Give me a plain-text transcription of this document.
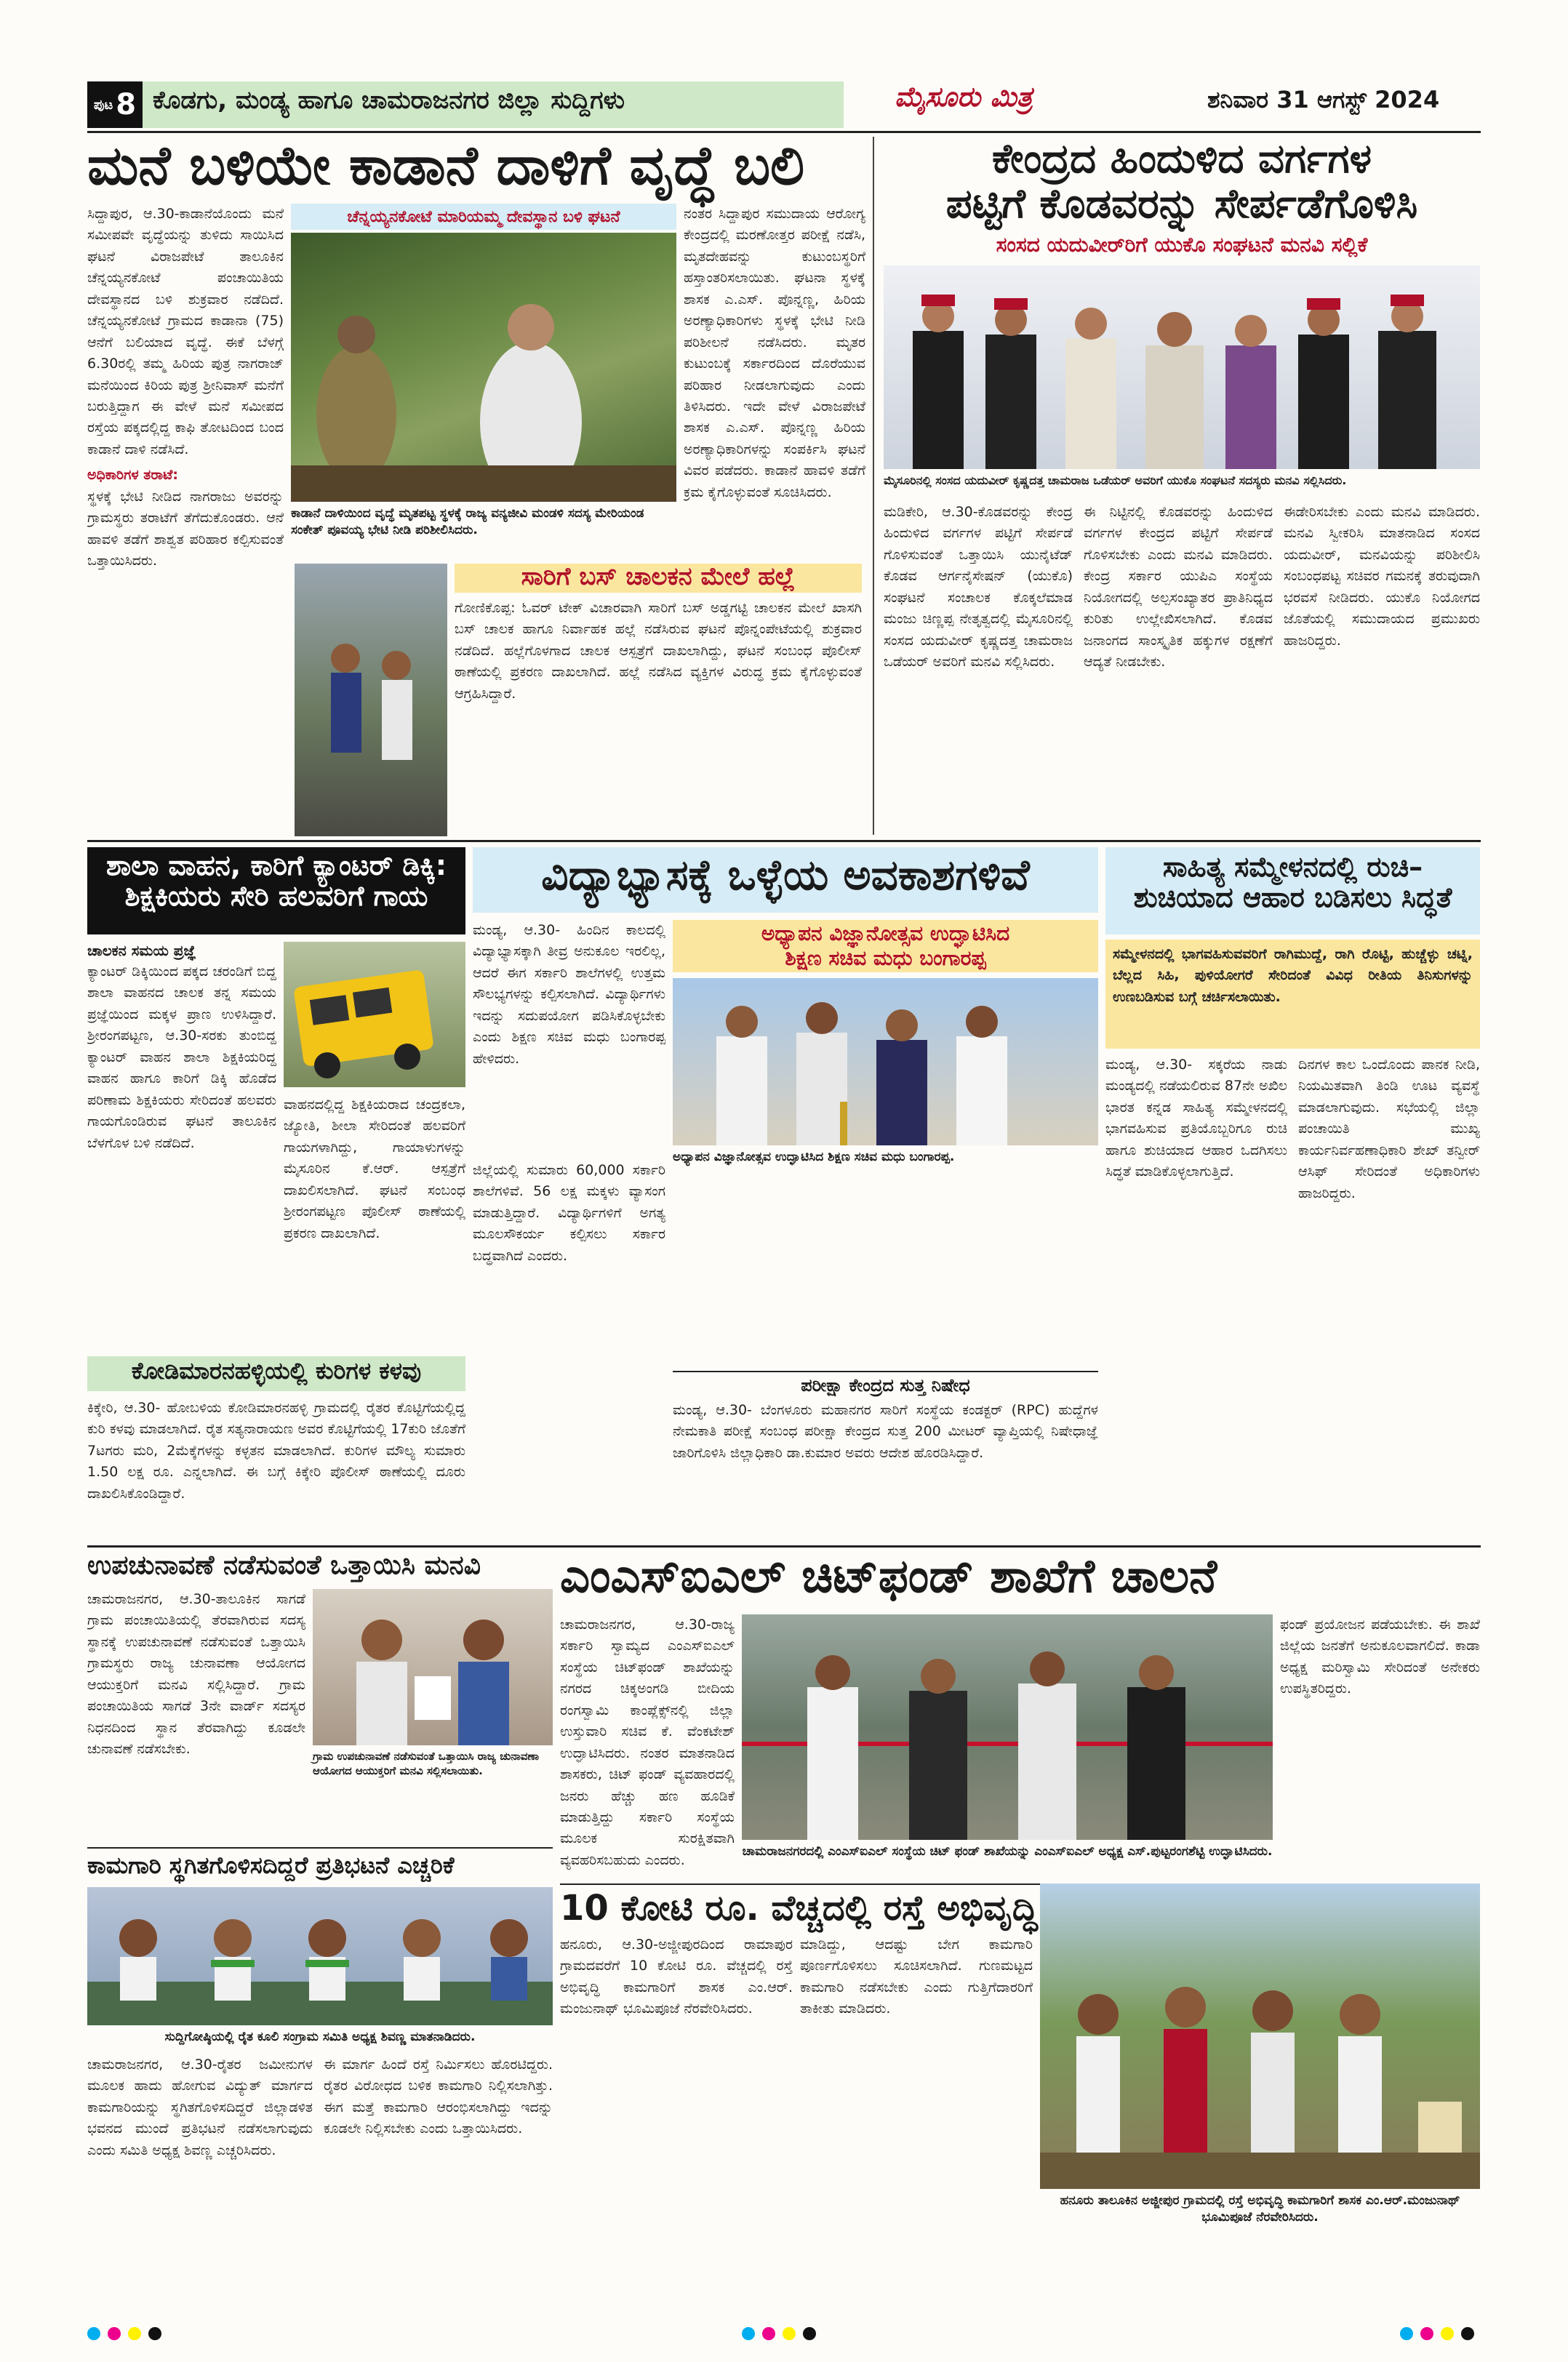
ಪುಟ 8 ಕೊಡಗು, ಮಂಡ್ಯ ಹಾಗೂ ಚಾಮರಾಜನಗರ ಜಿಲ್ಲಾ ಸುದ್ದಿಗಳು	ಮೈಸೂರು ಮಿತ್ರ	ಶನಿವಾರ 31 ಆಗಸ್ಟ್ 2024
ಮನೆ ಬಳಿಯೇ ಕಾಡಾನೆ ದಾಳಿಗೆ ವೃದ್ಧೆ ಬಲಿ
ಸಿದ್ದಾಪುರ, ಆ.30-ಕಾಡಾನೆಯೊಂದು ಮನೆ ಸಮೀಪವೇ ವೃದ್ಧೆಯನ್ನು ತುಳಿದು ಸಾಯಿಸಿದ ಘಟನೆ ವಿರಾಜಪೇಟೆ ತಾಲೂಕಿನ ಚೆನ್ನಯ್ಯನಕೋಟೆ ಪಂಚಾಯಿತಿಯ ದೇವಸ್ಥಾನದ ಬಳಿ ಶುಕ್ರವಾರ ನಡೆದಿದೆ. ಚೆನ್ನಯ್ಯನಕೋಟೆ ಗ್ರಾಮದ ಕಾಡಾನಾ (75) ಆನೆಗೆ ಬಲಿಯಾದ ವೃದ್ಧೆ. ಈಕೆ ಬೆಳಗ್ಗೆ 6.30ರಲ್ಲಿ ತಮ್ಮ ಹಿರಿಯ ಪುತ್ರ ನಾಗರಾಜ್ ಮನೆಯಿಂದ ಕಿರಿಯ ಪುತ್ರ ಶ್ರೀನಿವಾಸ್ ಮನೆಗೆ ಬರುತ್ತಿದ್ದಾಗ ಈ ವೇಳೆ ಮನೆ ಸಮೀಪದ ರಸ್ತೆಯ ಪಕ್ಕದಲ್ಲಿದ್ದ ಕಾಫಿ ತೋಟದಿಂದ ಬಂದ ಕಾಡಾನೆ ದಾಳಿ ನಡೆಸಿದೆ.
ಅಧಿಕಾರಿಗಳ ತರಾಟೆ:
ಸ್ಥಳಕ್ಕೆ ಭೇಟಿ ನೀಡಿದ ನಾಗರಾಜು ಅವರನ್ನು ಗ್ರಾಮಸ್ಥರು ತರಾಟೆಗೆ ತೆಗೆದುಕೊಂಡರು. ಆನೆ ಹಾವಳಿ ತಡೆಗೆ ಶಾಶ್ವತ ಪರಿಹಾರ ಕಲ್ಪಿಸುವಂತೆ ಒತ್ತಾಯಿಸಿದರು.
ಚೆನ್ನಯ್ಯನಕೋಟೆ ಮಾರಿಯಮ್ಮ ದೇವಸ್ಥಾನ ಬಳಿ ಘಟನೆ
ಕಾಡಾನೆ ದಾಳಿಯಿಂದ ವೃದ್ಧೆ ಮೃತಪಟ್ಟ ಸ್ಥಳಕ್ಕೆ ರಾಜ್ಯ ವನ್ಯಜೀವಿ ಮಂಡಳಿ ಸದಸ್ಯ ಮೇರಿಯಂಡ ಸಂಕೇತ್ ಪೂವಯ್ಯ ಭೇಟಿ ನೀಡಿ ಪರಿಶೀಲಿಸಿದರು.
ನಂತರ ಸಿದ್ದಾಪುರ ಸಮುದಾಯ ಆರೋಗ್ಯ ಕೇಂದ್ರದಲ್ಲಿ ಮರಣೋತ್ತರ ಪರೀಕ್ಷೆ ನಡೆಸಿ, ಮೃತದೇಹವನ್ನು ಕುಟುಂಬಸ್ಥರಿಗೆ ಹಸ್ತಾಂತರಿಸಲಾಯಿತು. ಘಟನಾ ಸ್ಥಳಕ್ಕೆ ಶಾಸಕ ಎ.ಎಸ್. ಪೊನ್ನಣ್ಣ, ಹಿರಿಯ ಅರಣ್ಯಾಧಿಕಾರಿಗಳು ಸ್ಥಳಕ್ಕೆ ಭೇಟಿ ನೀಡಿ ಪರಿಶೀಲನೆ ನಡೆಸಿದರು. ಮೃತರ ಕುಟುಂಬಕ್ಕೆ ಸರ್ಕಾರದಿಂದ ದೊರೆಯುವ ಪರಿಹಾರ ನೀಡಲಾಗುವುದು ಎಂದು ತಿಳಿಸಿದರು. ಇದೇ ವೇಳೆ ವಿರಾಜಪೇಟೆ ಶಾಸಕ ಎ.ಎಸ್. ಪೊನ್ನಣ್ಣ ಹಿರಿಯ ಅರಣ್ಯಾಧಿಕಾರಿಗಳನ್ನು ಸಂಪರ್ಕಿಸಿ ಘಟನೆ ವಿವರ ಪಡೆದರು. ಕಾಡಾನೆ ಹಾವಳಿ ತಡೆಗೆ ಕ್ರಮ ಕೈಗೊಳ್ಳುವಂತೆ ಸೂಚಿಸಿದರು.
ಕೇಂದ್ರದ ಹಿಂದುಳಿದ ವರ್ಗಗಳ
ಪಟ್ಟಿಗೆ ಕೊಡವರನ್ನು ಸೇರ್ಪಡೆಗೊಳಿಸಿ
ಸಂಸದ ಯದುವೀರ್‌ರಿಗೆ ಯುಕೊ ಸಂಘಟನೆ ಮನವಿ ಸಲ್ಲಿಕೆ
ಮೈಸೂರಿನಲ್ಲಿ ಸಂಸದ ಯದುವೀರ್ ಕೃಷ್ಣದತ್ತ ಚಾಮರಾಜ ಒಡೆಯರ್ ಅವರಿಗೆ ಯುಕೊ ಸಂಘಟನೆ ಸದಸ್ಯರು ಮನವಿ ಸಲ್ಲಿಸಿದರು.
ಮಡಿಕೇರಿ, ಆ.30-ಕೊಡವರನ್ನು ಕೇಂದ್ರ ಹಿಂದುಳಿದ ವರ್ಗಗಳ ಪಟ್ಟಿಗೆ ಸೇರ್ಪಡೆ ಗೊಳಿಸುವಂತೆ ಒತ್ತಾಯಿಸಿ ಯುನೈಟೆಡ್ ಕೊಡವ ಆರ್ಗನೈಸೇಷನ್ (ಯುಕೊ) ಸಂಘಟನೆ ಸಂಚಾಲಕ ಕೊಕ್ಕಲೆಮಾಡ ಮಂಜು ಚಿಣ್ಣಪ್ಪ ನೇತೃತ್ವದಲ್ಲಿ ಮೈಸೂರಿನಲ್ಲಿ ಸಂಸದ ಯದುವೀರ್ ಕೃಷ್ಣದತ್ತ ಚಾಮರಾಜ ಒಡೆಯರ್ ಅವರಿಗೆ ಮನವಿ ಸಲ್ಲಿಸಿದರು.
ಈ ನಿಟ್ಟಿನಲ್ಲಿ ಕೊಡವರನ್ನು ಹಿಂದುಳಿದ ವರ್ಗಗಳ ಕೇಂದ್ರದ ಪಟ್ಟಿಗೆ ಸೇರ್ಪಡೆ ಗೊಳಿಸಬೇಕು ಎಂದು ಮನವಿ ಮಾಡಿದರು. ಕೇಂದ್ರ ಸರ್ಕಾರ ಯುಪಿಎ ಸಂಸ್ಥೆಯ ನಿಯೋಗದಲ್ಲಿ ಅಲ್ಪಸಂಖ್ಯಾತರ ಪ್ರಾತಿನಿಧ್ಯದ ಕುರಿತು ಉಲ್ಲೇಖಿಸಲಾಗಿದೆ. ಕೊಡವ ಜನಾಂಗದ ಸಾಂಸ್ಕೃತಿಕ ಹಕ್ಕುಗಳ ರಕ್ಷಣೆಗೆ ಆದ್ಯತೆ ನೀಡಬೇಕು.
ಈಡೇರಿಸಬೇಕು ಎಂದು ಮನವಿ ಮಾಡಿದರು. ಮನವಿ ಸ್ವೀಕರಿಸಿ ಮಾತನಾಡಿದ ಸಂಸದ ಯದುವೀರ್, ಮನವಿಯನ್ನು ಪರಿಶೀಲಿಸಿ ಸಂಬಂಧಪಟ್ಟ ಸಚಿವರ ಗಮನಕ್ಕೆ ತರುವುದಾಗಿ ಭರವಸೆ ನೀಡಿದರು. ಯುಕೊ ನಿಯೋಗದ ಜೊತೆಯಲ್ಲಿ ಸಮುದಾಯದ ಪ್ರಮುಖರು ಹಾಜರಿದ್ದರು.
ಸಾರಿಗೆ ಬಸ್ ಚಾಲಕನ ಮೇಲೆ ಹಲ್ಲೆ
ಗೋಣಿಕೊಪ್ಪ: ಓವರ್ ಟೇಕ್ ವಿಚಾರವಾಗಿ ಸಾರಿಗೆ ಬಸ್ ಅಡ್ಡಗಟ್ಟಿ ಚಾಲಕನ ಮೇಲೆ ಖಾಸಗಿ ಬಸ್ ಚಾಲಕ ಹಾಗೂ ನಿರ್ವಾಹಕ ಹಲ್ಲೆ ನಡೆಸಿರುವ ಘಟನೆ ಪೊನ್ನಂಪೇಟೆಯಲ್ಲಿ ಶುಕ್ರವಾರ ನಡೆದಿದೆ. ಹಲ್ಲೆಗೊಳಗಾದ ಚಾಲಕ ಆಸ್ಪತ್ರೆಗೆ ದಾಖಲಾಗಿದ್ದು, ಘಟನೆ ಸಂಬಂಧ ಪೊಲೀಸ್ ಠಾಣೆಯಲ್ಲಿ ಪ್ರಕರಣ ದಾಖಲಾಗಿದೆ. ಹಲ್ಲೆ ನಡೆಸಿದ ವ್ಯಕ್ತಿಗಳ ವಿರುದ್ಧ ಕ್ರಮ ಕೈಗೊಳ್ಳುವಂತೆ ಆಗ್ರಹಿಸಿದ್ದಾರೆ.
ಶಾಲಾ ವಾಹನ, ಕಾರಿಗೆ ಕ್ಯಾಂಟರ್ ಡಿಕ್ಕಿ:
ಶಿಕ್ಷಕಿಯರು ಸೇರಿ ಹಲವರಿಗೆ ಗಾಯ
ಚಾಲಕನ ಸಮಯ ಪ್ರಜ್ಞೆ
ಕ್ಯಾಂಟರ್ ಡಿಕ್ಕಿಯಿಂದ ಪಕ್ಕದ ಚರಂಡಿಗೆ ಬಿದ್ದ ಶಾಲಾ ವಾಹನದ ಚಾಲಕ ತನ್ನ ಸಮಯ ಪ್ರಜ್ಞೆಯಿಂದ ಮಕ್ಕಳ ಪ್ರಾಣ ಉಳಿಸಿದ್ದಾರೆ. ಶ್ರೀರಂಗಪಟ್ಟಣ, ಆ.30-ಸರಕು ತುಂಬಿದ್ದ ಕ್ಯಾಂಟರ್ ವಾಹನ ಶಾಲಾ ಶಿಕ್ಷಕಿಯರಿದ್ದ ವಾಹನ ಹಾಗೂ ಕಾರಿಗೆ ಡಿಕ್ಕಿ ಹೊಡೆದ ಪರಿಣಾಮ ಶಿಕ್ಷಕಿಯರು ಸೇರಿದಂತೆ ಹಲವರು ಗಾಯಗೊಂಡಿರುವ ಘಟನೆ ತಾಲೂಕಿನ ಬೆಳಗೊಳ ಬಳಿ ನಡೆದಿದೆ.
ವಾಹನದಲ್ಲಿದ್ದ ಶಿಕ್ಷಕಿಯರಾದ ಚಂದ್ರಕಲಾ, ಜ್ಯೋತಿ, ಶೀಲಾ ಸೇರಿದಂತೆ ಹಲವರಿಗೆ ಗಾಯಗಳಾಗಿದ್ದು, ಗಾಯಾಳುಗಳನ್ನು ಮೈಸೂರಿನ ಕೆ.ಆರ್. ಆಸ್ಪತ್ರೆಗೆ ದಾಖಲಿಸಲಾಗಿದೆ. ಘಟನೆ ಸಂಬಂಧ ಶ್ರೀರಂಗಪಟ್ಟಣ ಪೊಲೀಸ್ ಠಾಣೆಯಲ್ಲಿ ಪ್ರಕರಣ ದಾಖಲಾಗಿದೆ.
ವಿದ್ಯಾಭ್ಯಾಸಕ್ಕೆ ಒಳ್ಳೆಯ ಅವಕಾಶಗಳಿವೆ
ಮಂಡ್ಯ, ಆ.30- ಹಿಂದಿನ ಕಾಲದಲ್ಲಿ ವಿದ್ಯಾಭ್ಯಾಸಕ್ಕಾಗಿ ತೀವ್ರ ಅನುಕೂಲ ಇರಲಿಲ್ಲ, ಆದರೆ ಈಗ ಸರ್ಕಾರಿ ಶಾಲೆಗಳಲ್ಲಿ ಉತ್ತಮ ಸೌಲಭ್ಯಗಳನ್ನು ಕಲ್ಪಿಸಲಾಗಿದೆ. ವಿದ್ಯಾರ್ಥಿಗಳು ಇದನ್ನು ಸದುಪಯೋಗ ಪಡಿಸಿಕೊಳ್ಳಬೇಕು ಎಂದು ಶಿಕ್ಷಣ ಸಚಿವ ಮಧು ಬಂಗಾರಪ್ಪ ಹೇಳಿದರು.
ಅಧ್ಯಾಪನ ವಿಜ್ಞಾನೋತ್ಸವ ಉದ್ಘಾಟಿಸಿದ
ಶಿಕ್ಷಣ ಸಚಿವ ಮಧು ಬಂಗಾರಪ್ಪ
ಅಧ್ಯಾಪನ ವಿಜ್ಞಾನೋತ್ಸವ ಉದ್ಘಾಟಿಸಿದ ಶಿಕ್ಷಣ ಸಚಿವ ಮಧು ಬಂಗಾರಪ್ಪ.
ಜಿಲ್ಲೆಯಲ್ಲಿ ಸುಮಾರು 60,000 ಸರ್ಕಾರಿ ಶಾಲೆಗಳಿವೆ. 56 ಲಕ್ಷ ಮಕ್ಕಳು ವ್ಯಾಸಂಗ ಮಾಡುತ್ತಿದ್ದಾರೆ. ವಿದ್ಯಾರ್ಥಿಗಳಿಗೆ ಅಗತ್ಯ ಮೂಲಸೌಕರ್ಯ ಕಲ್ಪಿಸಲು ಸರ್ಕಾರ ಬದ್ಧವಾಗಿದೆ ಎಂದರು.
ಪರೀಕ್ಷಾ ಕೇಂದ್ರದ ಸುತ್ತ ನಿಷೇಧ
ಮಂಡ್ಯ, ಆ.30- ಬೆಂಗಳೂರು ಮಹಾನಗರ ಸಾರಿಗೆ ಸಂಸ್ಥೆಯ ಕಂಡಕ್ಟರ್ (RPC) ಹುದ್ದೆಗಳ ನೇಮಕಾತಿ ಪರೀಕ್ಷೆ ಸಂಬಂಧ ಪರೀಕ್ಷಾ ಕೇಂದ್ರದ ಸುತ್ತ 200 ಮೀಟರ್ ವ್ಯಾಪ್ತಿಯಲ್ಲಿ ನಿಷೇಧಾಜ್ಞೆ ಜಾರಿಗೊಳಿಸಿ ಜಿಲ್ಲಾಧಿಕಾರಿ ಡಾ.ಕುಮಾರ ಅವರು ಆದೇಶ ಹೊರಡಿಸಿದ್ದಾರೆ.
ಸಾಹಿತ್ಯ ಸಮ್ಮೇಳನದಲ್ಲಿ ರುಚಿ–
ಶುಚಿಯಾದ ಆಹಾರ ಬಡಿಸಲು ಸಿದ್ಧತೆ
ಸಮ್ಮೇಳನದಲ್ಲಿ ಭಾಗವಹಿಸುವವರಿಗೆ ರಾಗಿಮುದ್ದೆ, ರಾಗಿ ರೊಟ್ಟಿ, ಹುಚ್ಚೆಳ್ಳು ಚಟ್ನಿ, ಬೆಲ್ಲದ ಸಿಹಿ, ಪುಳಿಯೋಗರೆ ಸೇರಿದಂತೆ ವಿವಿಧ ರೀತಿಯ ತಿನಿಸುಗಳನ್ನು ಉಣಬಡಿಸುವ ಬಗ್ಗೆ ಚರ್ಚಿಸಲಾಯಿತು.
ಮಂಡ್ಯ, ಆ.30- ಸಕ್ಕರೆಯ ನಾಡು ಮಂಡ್ಯದಲ್ಲಿ ನಡೆಯಲಿರುವ 87ನೇ ಅಖಿಲ ಭಾರತ ಕನ್ನಡ ಸಾಹಿತ್ಯ ಸಮ್ಮೇಳನದಲ್ಲಿ ಭಾಗವಹಿಸುವ ಪ್ರತಿಯೊಬ್ಬರಿಗೂ ರುಚಿ ಹಾಗೂ ಶುಚಿಯಾದ ಆಹಾರ ಒದಗಿಸಲು ಸಿದ್ಧತೆ ಮಾಡಿಕೊಳ್ಳಲಾಗುತ್ತಿದೆ.
ದಿನಗಳ ಕಾಲ ಒಂದೊಂದು ಪಾನಕ ನೀಡಿ, ನಿಯಮಿತವಾಗಿ ತಿಂಡಿ ಊಟ ವ್ಯವಸ್ಥೆ ಮಾಡಲಾಗುವುದು. ಸಭೆಯಲ್ಲಿ ಜಿಲ್ಲಾ ಪಂಚಾಯಿತಿ ಮುಖ್ಯ ಕಾರ್ಯನಿರ್ವಹಣಾಧಿಕಾರಿ ಶೇಖ್ ತನ್ವೀರ್ ಆಸಿಫ್ ಸೇರಿದಂತೆ ಅಧಿಕಾರಿಗಳು ಹಾಜರಿದ್ದರು.
ಕೋಡಿಮಾರನಹಳ್ಳಿಯಲ್ಲಿ ಕುರಿಗಳ ಕಳವು
ಕಿಕ್ಕೇರಿ, ಆ.30- ಹೋಬಳಿಯ ಕೋಡಿಮಾರನಹಳ್ಳಿ ಗ್ರಾಮದಲ್ಲಿ ರೈತರ ಕೊಟ್ಟಿಗೆಯಲ್ಲಿದ್ದ ಕುರಿ ಕಳವು ಮಾಡಲಾಗಿದೆ. ರೈತ ಸತ್ಯನಾರಾಯಣ ಅವರ ಕೊಟ್ಟಿಗೆಯಲ್ಲಿ 17ಕುರಿ ಜೊತೆಗೆ 7ಟಗರು ಮರಿ, 2ಮೆಕ್ಕೆಗಳನ್ನು ಕಳ್ಳತನ ಮಾಡಲಾಗಿದೆ. ಕುರಿಗಳ ಮೌಲ್ಯ ಸುಮಾರು 1.50 ಲಕ್ಷ ರೂ. ಎನ್ನಲಾಗಿದೆ. ಈ ಬಗ್ಗೆ ಕಿಕ್ಕೇರಿ ಪೊಲೀಸ್ ಠಾಣೆಯಲ್ಲಿ ದೂರು ದಾಖಲಿಸಿಕೊಂಡಿದ್ದಾರೆ.
ಉಪಚುನಾವಣೆ ನಡೆಸುವಂತೆ ಒತ್ತಾಯಿಸಿ ಮನವಿ
ಚಾಮರಾಜನಗರ, ಆ.30-ತಾಲೂಕಿನ ಸಾಗಡೆ ಗ್ರಾಮ ಪಂಚಾಯಿತಿಯಲ್ಲಿ ತೆರವಾಗಿರುವ ಸದಸ್ಯ ಸ್ಥಾನಕ್ಕೆ ಉಪಚುನಾವಣೆ ನಡೆಸುವಂತೆ ಒತ್ತಾಯಿಸಿ ಗ್ರಾಮಸ್ಥರು ರಾಜ್ಯ ಚುನಾವಣಾ ಆಯೋಗದ ಆಯುಕ್ತರಿಗೆ ಮನವಿ ಸಲ್ಲಿಸಿದ್ದಾರೆ. ಗ್ರಾಮ ಪಂಚಾಯಿತಿಯ ಸಾಗಡೆ 3ನೇ ವಾರ್ಡ್ ಸದಸ್ಯರ ನಿಧನದಿಂದ ಸ್ಥಾನ ತೆರವಾಗಿದ್ದು ಕೂಡಲೇ ಚುನಾವಣೆ ನಡೆಸಬೇಕು.	ಗ್ರಾಮ ಉಪಚುನಾವಣೆ ನಡೆಸುವಂತೆ ಒತ್ತಾಯಿಸಿ ರಾಜ್ಯ ಚುನಾವಣಾ ಆಯೋಗದ ಆಯುಕ್ತರಿಗೆ ಮನವಿ ಸಲ್ಲಿಸಲಾಯಿತು.
ಎಂಎಸ್‌ಐಎಲ್ ಚಿಟ್‌ಫಂಡ್ ಶಾಖೆಗೆ ಚಾಲನೆ
ಚಾಮರಾಜನಗರ, ಆ.30-ರಾಜ್ಯ ಸರ್ಕಾರಿ ಸ್ವಾಮ್ಯದ ಎಂಎಸ್‌ಐಎಲ್ ಸಂಸ್ಥೆಯ ಚಿಟ್‌ಫಂಡ್ ಶಾಖೆಯನ್ನು ನಗರದ ಚಿಕ್ಕಅಂಗಡಿ ಬೀದಿಯ ರಂಗಸ್ವಾಮಿ ಕಾಂಪ್ಲೆಕ್ಸ್‌ನಲ್ಲಿ ಜಿಲ್ಲಾ ಉಸ್ತುವಾರಿ ಸಚಿವ ಕೆ. ವೆಂಕಟೇಶ್ ಉದ್ಘಾಟಿಸಿದರು. ನಂತರ ಮಾತನಾಡಿದ ಶಾಸಕರು, ಚಿಟ್ ಫಂಡ್ ವ್ಯವಹಾರದಲ್ಲಿ ಜನರು ಹೆಚ್ಚು ಹಣ ಹೂಡಿಕೆ ಮಾಡುತ್ತಿದ್ದು ಸರ್ಕಾರಿ ಸಂಸ್ಥೆಯ ಮೂಲಕ ಸುರಕ್ಷಿತವಾಗಿ ವ್ಯವಹರಿಸಬಹುದು ಎಂದರು.
ಚಾಮರಾಜನಗರದಲ್ಲಿ ಎಂಎಸ್‌ಐಎಲ್ ಸಂಸ್ಥೆಯ ಚಿಟ್ ಫಂಡ್ ಶಾಖೆಯನ್ನು ಎಂಎಸ್‌ಐಎಲ್ ಅಧ್ಯಕ್ಷ ಎಸ್.ಪುಟ್ಟರಂಗಶೆಟ್ಟಿ ಉದ್ಘಾಟಿಸಿದರು.
ಫಂಡ್ ಪ್ರಯೋಜನ ಪಡೆಯಬೇಕು. ಈ ಶಾಖೆ ಜಿಲ್ಲೆಯ ಜನತೆಗೆ ಅನುಕೂಲವಾಗಲಿದೆ. ಕಾಡಾ ಅಧ್ಯಕ್ಷ ಮರಿಸ್ವಾಮಿ ಸೇರಿದಂತೆ ಅನೇಕರು ಉಪಸ್ಥಿತರಿದ್ದರು.
ಕಾಮಗಾರಿ ಸ್ಥಗಿತಗೊಳಿಸದಿದ್ದರೆ ಪ್ರತಿಭಟನೆ ಎಚ್ಚರಿಕೆ
ಸುದ್ದಿಗೋಷ್ಠಿಯಲ್ಲಿ ರೈತ ಕೂಲಿ ಸಂಗ್ರಾಮ ಸಮಿತಿ ಅಧ್ಯಕ್ಷ ಶಿವಣ್ಣ ಮಾತನಾಡಿದರು.
ಚಾಮರಾಜನಗರ, ಆ.30-ರೈತರ ಜಮೀನುಗಳ ಮೂಲಕ ಹಾದು ಹೋಗುವ ವಿದ್ಯುತ್ ಮಾರ್ಗದ ಕಾಮಗಾರಿಯನ್ನು ಸ್ಥಗಿತಗೊಳಿಸದಿದ್ದರೆ ಜಿಲ್ಲಾಡಳಿತ ಭವನದ ಮುಂದೆ ಪ್ರತಿಭಟನೆ ನಡೆಸಲಾಗುವುದು ಎಂದು ಸಮಿತಿ ಅಧ್ಯಕ್ಷ ಶಿವಣ್ಣ ಎಚ್ಚರಿಸಿದರು.
ಈ ಮಾರ್ಗ ಹಿಂದೆ ರಸ್ತೆ ನಿರ್ಮಿಸಲು ಹೊರಟಿದ್ದರು. ರೈತರ ವಿರೋಧದ ಬಳಿಕ ಕಾಮಗಾರಿ ನಿಲ್ಲಿಸಲಾಗಿತ್ತು. ಈಗ ಮತ್ತೆ ಕಾಮಗಾರಿ ಆರಂಭಿಸಲಾಗಿದ್ದು ಇದನ್ನು ಕೂಡಲೇ ನಿಲ್ಲಿಸಬೇಕು ಎಂದು ಒತ್ತಾಯಿಸಿದರು.
10 ಕೋಟಿ ರೂ. ವೆಚ್ಚದಲ್ಲಿ ರಸ್ತೆ ಅಭಿವೃದ್ಧಿ
ಹನೂರು, ಆ.30-ಅಜ್ಜೀಪುರದಿಂದ ರಾಮಾಪುರ ಗ್ರಾಮದವರೆಗೆ 10 ಕೋಟಿ ರೂ. ವೆಚ್ಚದಲ್ಲಿ ರಸ್ತೆ ಅಭಿವೃದ್ಧಿ ಕಾಮಗಾರಿಗೆ ಶಾಸಕ ಎಂ.ಆರ್. ಮಂಜುನಾಥ್ ಭೂಮಿಪೂಜೆ ನೆರವೇರಿಸಿದರು.
ಮಾಡಿದ್ದು, ಆದಷ್ಟು ಬೇಗ ಕಾಮಗಾರಿ ಪೂರ್ಣಗೊಳಿಸಲು ಸೂಚಿಸಲಾಗಿದೆ. ಗುಣಮಟ್ಟದ ಕಾಮಗಾರಿ ನಡೆಸಬೇಕು ಎಂದು ಗುತ್ತಿಗೆದಾರರಿಗೆ ತಾಕೀತು ಮಾಡಿದರು.
ಹನೂರು ತಾಲೂಕಿನ ಅಜ್ಜೀಪುರ ಗ್ರಾಮದಲ್ಲಿ ರಸ್ತೆ ಅಭಿವೃದ್ಧಿ ಕಾಮಗಾರಿಗೆ ಶಾಸಕ ಎಂ.ಆರ್.ಮಂಜುನಾಥ್ ಭೂಮಿಪೂಜೆ ನೆರವೇರಿಸಿದರು.
